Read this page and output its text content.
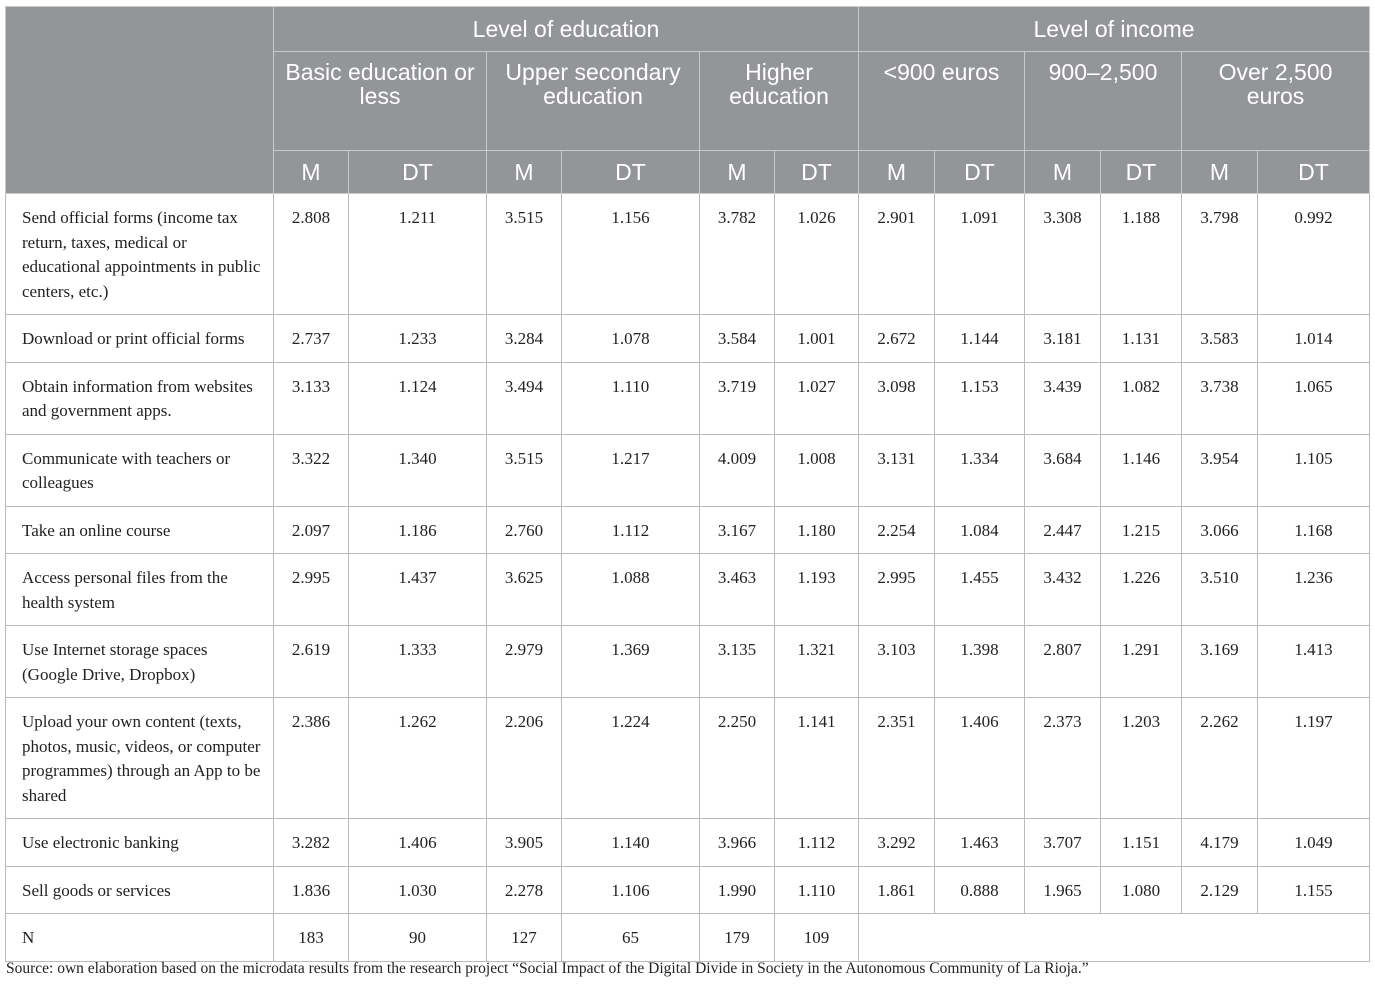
	Level of education						Level of income					
	Basic education or less		Upper secondary education		Higher education		<900 euros		900–2,500		Over 2,500 euros	
	M	DT	M	DT	M	DT	M	DT	M	DT	M	DT
Send official forms (income tax return, taxes, medical or educational appointments in public centers, etc.)	2.808	1.211	3.515	1.156	3.782	1.026	2.901	1.091	3.308	1.188	3.798	0.992
Download or print official forms	2.737	1.233	3.284	1.078	3.584	1.001	2.672	1.144	3.181	1.131	3.583	1.014
Obtain information from websites and government apps.	3.133	1.124	3.494	1.110	3.719	1.027	3.098	1.153	3.439	1.082	3.738	1.065
Communicate with teachers or colleagues	3.322	1.340	3.515	1.217	4.009	1.008	3.131	1.334	3.684	1.146	3.954	1.105
Take an online course	2.097	1.186	2.760	1.112	3.167	1.180	2.254	1.084	2.447	1.215	3.066	1.168
Access personal files from the health system	2.995	1.437	3.625	1.088	3.463	1.193	2.995	1.455	3.432	1.226	3.510	1.236
Use Internet storage spaces (Google Drive, Dropbox)	2.619	1.333	2.979	1.369	3.135	1.321	3.103	1.398	2.807	1.291	3.169	1.413
Upload your own content (texts, photos, music, videos, or computer programmes) through an App to be shared	2.386	1.262	2.206	1.224	2.250	1.141	2.351	1.406	2.373	1.203	2.262	1.197
Use electronic banking	3.282	1.406	3.905	1.140	3.966	1.112	3.292	1.463	3.707	1.151	4.179	1.049
Sell goods or services	1.836	1.030	2.278	1.106	1.990	1.110	1.861	0.888	1.965	1.080	2.129	1.155
N	183	90	127	65	179	109						
Source: own elaboration based on the microdata results from the research project “Social Impact of the Digital Divide in Society in the Autonomous Community of La Rioja.”
